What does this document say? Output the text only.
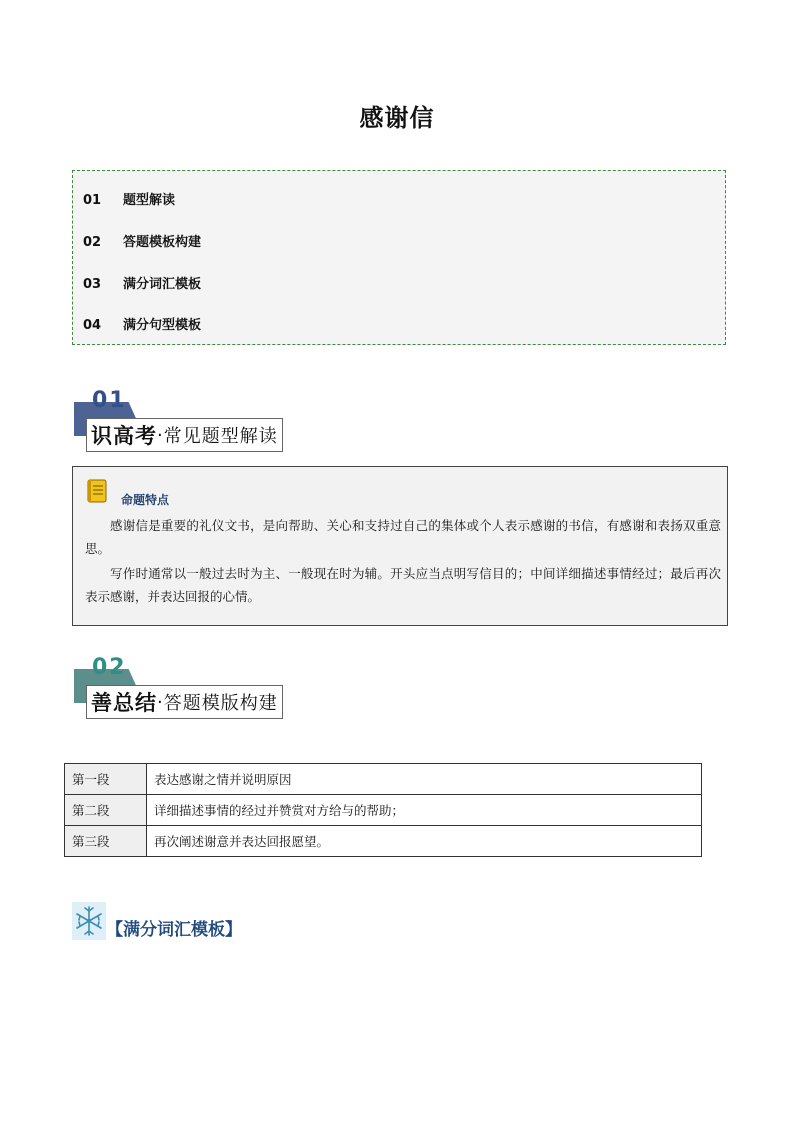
感谢信
01 题型解读
02 答题模板构建
03 满分词汇模板
04 满分句型模板
01
识高考 · 常见题型解读
命题特点
感谢信是重要的礼仪文书，是向帮助、关心和支持过自己的集体或个人表示感谢的书信，有感谢和表扬双重意思。
写作时通常以一般过去时为主、一般现在时为辅。开头应当点明写信目的；中间详细描述事情经过；最后再次表示感谢，并表达回报的心情。
02
善总结 · 答题模版构建
第一段	表达感谢之情并说明原因
第二段	详细描述事情的经过并赞赏对方给与的帮助；
第三段	再次阐述谢意并表达回报愿望。
【满分词汇模板】
